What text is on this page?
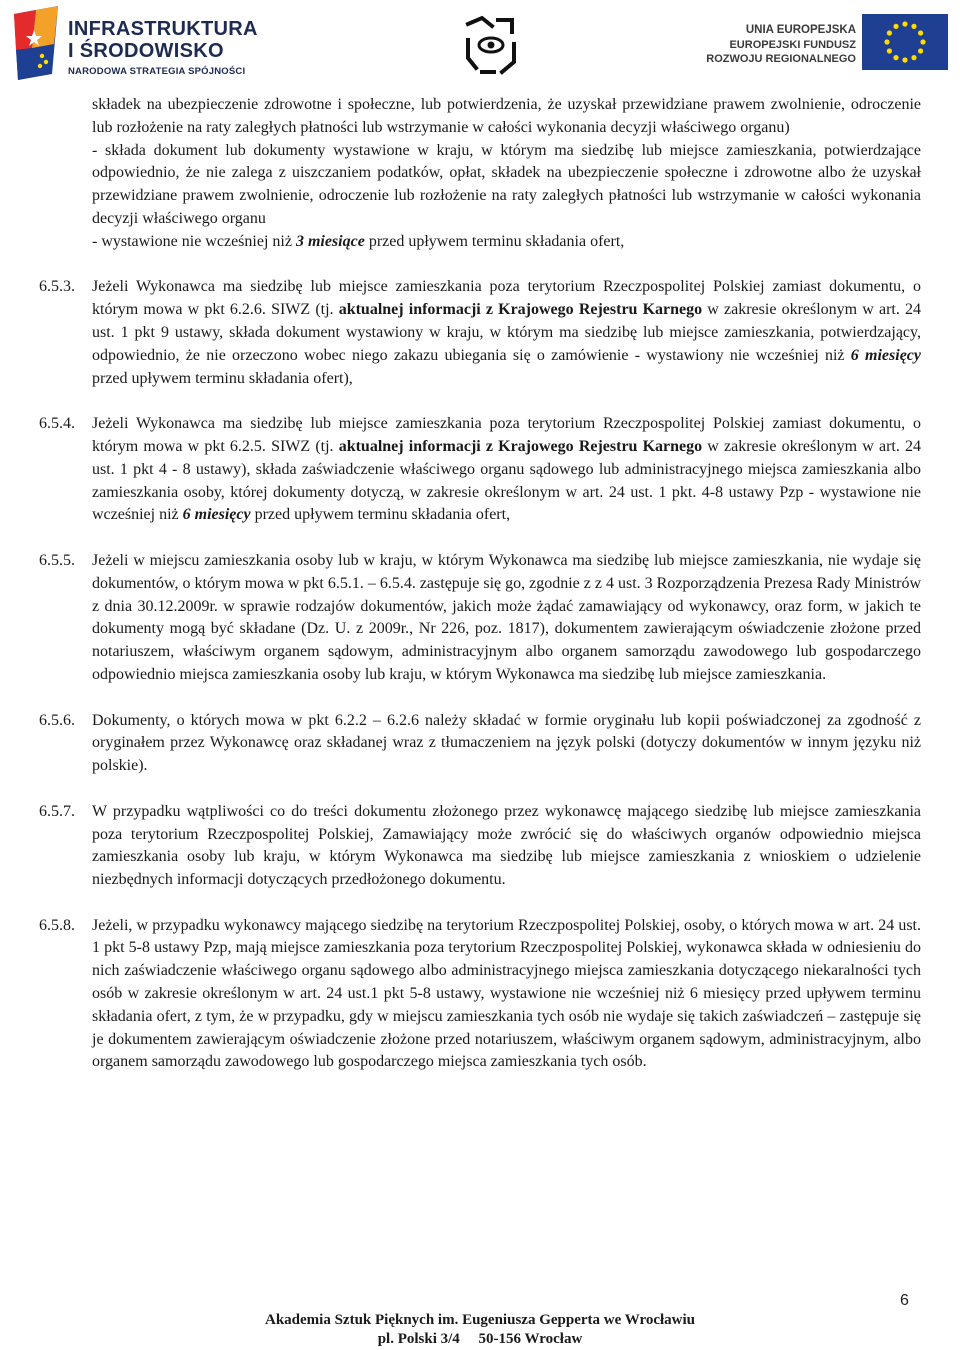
INFRASTRUKTURA
I ŚRODOWISKO
NARODOWA STRATEGIA SPÓJNOŚCI
UNIA EUROPEJSKA
EUROPEJSKI FUNDUSZ
ROZWOJU REGIONALNEGO

składek na ubezpieczenie zdrowotne i społeczne, lub potwierdzenia, że uzyskał przewidziane prawem zwolnienie, odroczenie lub rozłożenie na raty zaległych płatności lub wstrzymanie w całości wykonania decyzji właściwego organu)

- składa dokument lub dokumenty wystawione w kraju, w którym ma siedzibę lub miejsce zamieszkania, potwierdzające odpowiednio, że nie zalega z uiszczaniem podatków, opłat, składek na ubezpieczenie społeczne i zdrowotne albo że uzyskał przewidziane prawem zwolnienie, odroczenie lub rozłożenie na raty zaległych płatności lub wstrzymanie w całości wykonania decyzji właściwego organu

- wystawione nie wcześniej niż 3 miesiące przed upływem terminu składania ofert,

6.5.3. Jeżeli Wykonawca ma siedzibę lub miejsce zamieszkania poza terytorium Rzeczpospolitej Polskiej zamiast dokumentu, o którym mowa w pkt 6.2.6. SIWZ (tj. aktualnej informacji z Krajowego Rejestru Karnego w zakresie określonym w art. 24 ust. 1 pkt 9 ustawy, składa dokument wystawiony w kraju, w którym ma siedzibę lub miejsce zamieszkania, potwierdzający, odpowiednio, że nie orzeczono wobec niego zakazu ubiegania się o zamówienie - wystawiony nie wcześniej niż 6 miesięcy przed upływem terminu składania ofert),

6.5.4. Jeżeli Wykonawca ma siedzibę lub miejsce zamieszkania poza terytorium Rzeczpospolitej Polskiej zamiast dokumentu, o którym mowa w pkt 6.2.5. SIWZ (tj. aktualnej informacji z Krajowego Rejestru Karnego w zakresie określonym w art. 24 ust. 1 pkt 4 - 8 ustawy), składa zaświadczenie właściwego organu sądowego lub administracyjnego miejsca zamieszkania albo zamieszkania osoby, której dokumenty dotyczą, w zakresie określonym w art. 24 ust. 1 pkt. 4-8 ustawy Pzp - wystawione nie wcześniej niż 6 miesięcy przed upływem terminu składania ofert,

6.5.5. Jeżeli w miejscu zamieszkania osoby lub w kraju, w którym Wykonawca ma siedzibę lub miejsce zamieszkania, nie wydaje się dokumentów, o którym mowa w pkt 6.5.1. – 6.5.4. zastępuje się go, zgodnie z z 4 ust. 3 Rozporządzenia Prezesa Rady Ministrów z dnia 30.12.2009r. w sprawie rodzajów dokumentów, jakich może żądać zamawiający od wykonawcy, oraz form, w jakich te dokumenty mogą być składane (Dz. U. z 2009r., Nr 226, poz. 1817), dokumentem zawierającym oświadczenie złożone przed notariuszem, właściwym organem sądowym, administracyjnym albo organem samorządu zawodowego lub gospodarczego odpowiednio miejsca zamieszkania osoby lub kraju, w którym Wykonawca ma siedzibę lub miejsce zamieszkania.

6.5.6. Dokumenty, o których mowa w pkt 6.2.2 – 6.2.6 należy składać w formie oryginału lub kopii poświadczonej za zgodność z oryginałem przez Wykonawcę oraz składanej wraz z tłumaczeniem na język polski (dotyczy dokumentów w innym języku niż polskie).

6.5.7. W przypadku wątpliwości co do treści dokumentu złożonego przez wykonawcę mającego siedzibę lub miejsce zamieszkania poza terytorium Rzeczpospolitej Polskiej, Zamawiający może zwrócić się do właściwych organów odpowiednio miejsca zamieszkania osoby lub kraju, w którym Wykonawca ma siedzibę lub miejsce zamieszkania z wnioskiem o udzielenie niezbędnych informacji dotyczących przedłożonego dokumentu.

6.5.8. Jeżeli, w przypadku wykonawcy mającego siedzibę na terytorium Rzeczpospolitej Polskiej, osoby, o których mowa w art. 24 ust. 1 pkt 5-8 ustawy Pzp, mają miejsce zamieszkania poza terytorium Rzeczpospolitej Polskiej, wykonawca składa w odniesieniu do nich zaświadczenie właściwego organu sądowego albo administracyjnego miejsca zamieszkania dotyczącego niekaralności tych osób w zakresie określonym w art. 24 ust.1 pkt 5-8 ustawy, wystawione nie wcześniej niż 6 miesięcy przed upływem terminu składania ofert, z tym, że w przypadku, gdy w miejscu zamieszkania tych osób nie wydaje się takich zaświadczeń – zastępuje się je dokumentem zawierającym oświadczenie złożone przed notariuszem, właściwym organem sądowym, administracyjnym, albo organem samorządu zawodowego lub gospodarczego miejsca zamieszkania tych osób.

6
Akademia Sztuk Pięknych im. Eugeniusza Gepperta we Wrocławiu
pl. Polski 3/4     50-156 Wrocław
